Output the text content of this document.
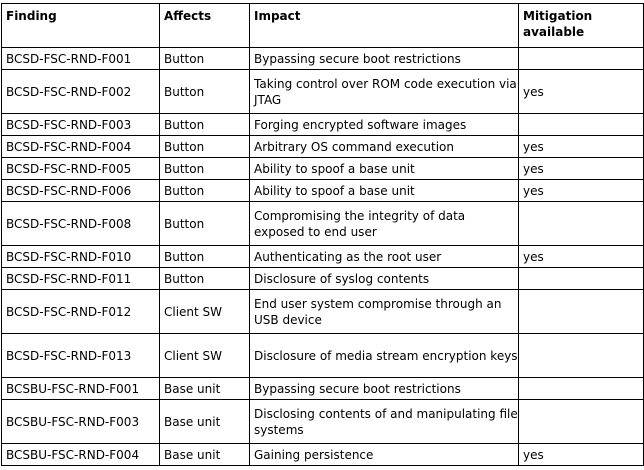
Finding	Affects	Impact	Mitigation available
BCSD-FSC-RND-F001	Button	Bypassing secure boot restrictions	
BCSD-FSC-RND-F002	Button	Taking control over ROM code execution via JTAG	yes
BCSD-FSC-RND-F003	Button	Forging encrypted software images	
BCSD-FSC-RND-F004	Button	Arbitrary OS command execution	yes
BCSD-FSC-RND-F005	Button	Ability to spoof a base unit	yes
BCSD-FSC-RND-F006	Button	Ability to spoof a base unit	yes
BCSD-FSC-RND-F008	Button	Compromising the integrity of data exposed to end user	
BCSD-FSC-RND-F010	Button	Authenticating as the root user	yes
BCSD-FSC-RND-F011	Button	Disclosure of syslog contents	
BCSD-FSC-RND-F012	Client SW	End user system compromise through an USB device	
BCSD-FSC-RND-F013	Client SW	Disclosure of media stream encryption keys	
BCSBU-FSC-RND-F001	Base unit	Bypassing secure boot restrictions	
BCSBU-FSC-RND-F003	Base unit	Disclosing contents of and manipulating file systems	
BCSBU-FSC-RND-F004	Base unit	Gaining persistence	yes
